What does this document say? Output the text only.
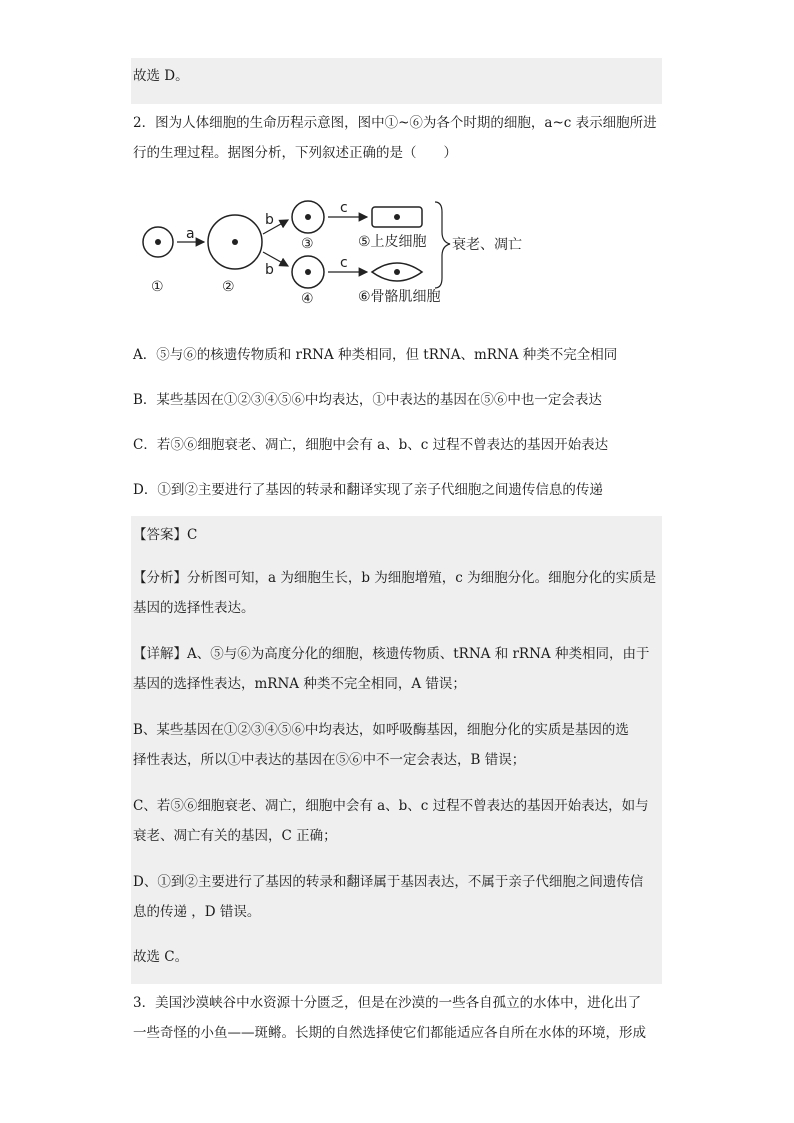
故选 D。
2．图为人体细胞的生命历程示意图，图中①~⑥为各个时期的细胞，a~c 表示细胞所进
行的生理过程。据图分析，下列叙述正确的是（　　）
a
b
b
c
c
衰老、凋亡
⑤上皮细胞
⑥骨骼肌细胞
①	②
③
④
A．⑤与⑥的核遗传物质和 rRNA 种类相同，但 tRNA、mRNA 种类不完全相同
B．某些基因在①②③④⑤⑥中均表达，①中表达的基因在⑤⑥中也一定会表达
C．若⑤⑥细胞衰老、凋亡，细胞中会有 a、b、c 过程不曾表达的基因开始表达
D．①到②主要进行了基因的转录和翻译实现了亲子代细胞之间遗传信息的传递
【答案】C
【分析】分析图可知，a 为细胞生长，b 为细胞增殖，c 为细胞分化。细胞分化的实质是
基因的选择性表达。
【详解】A、⑤与⑥为高度分化的细胞，核遗传物质、tRNA 和 rRNA 种类相同，由于
基因的选择性表达，mRNA 种类不完全相同，A 错误；
B、某些基因在①②③④⑤⑥中均表达，如呼吸酶基因，细胞分化的实质是基因的选
择性表达，所以①中表达的基因在⑤⑥中不一定会表达，B 错误；
C、若⑤⑥细胞衰老、凋亡，细胞中会有 a、b、c 过程不曾表达的基因开始表达，如与
衰老、凋亡有关的基因，C 正确；
D、①到②主要进行了基因的转录和翻译属于基因表达，不属于亲子代细胞之间遗传信
息的传递 ，D 错误。
故选 C。
3．美国沙漠峡谷中水资源十分匮乏，但是在沙漠的一些各自孤立的水体中，进化出了
一些奇怪的小鱼——斑鳉。长期的自然选择使它们都能适应各自所在水体的环境，形成
